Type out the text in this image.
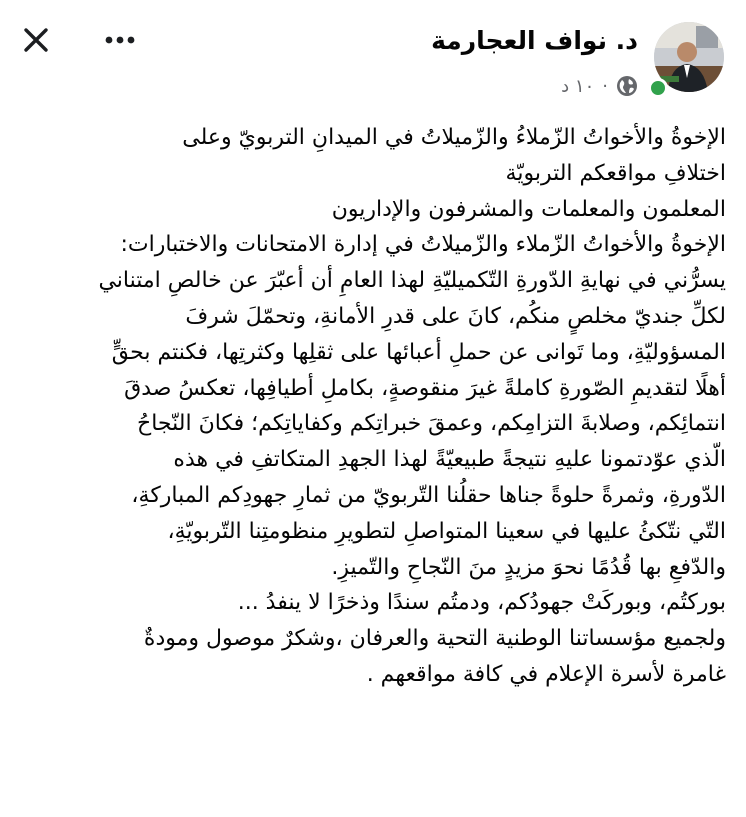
د. نواف العجارمة
١٠ د ·

الإخوةُ والأخواتُ الزّملاءُ والزّميلاتُ في الميدانِ التربويّ وعلى

اختلافِ مواقعكم التربويّة

المعلمون والمعلمات والمشرفون والإداريون

الإخوةُ والأخواتُ الزّملاء والزّميلاتُ في إدارة الامتحانات والاختبارات:

يسرُّني في نهايةِ الدّورةِ التّكميليّةِ لهذا العامِ أن أعبّرَ عن خالصِ امتناني

لكلِّ جنديّ مخلصٍ منكُم، كانَ على قدرِ الأمانةِ، وتحمّلَ شرفَ

المسؤوليّةِ، وما تَوانى عن حملِ أعبائها على ثقلِها وكثرتِها، فكنتم بحقٍّ

أهلًا لتقديمِ الصّورةِ كاملةً غيرَ منقوصةٍ، بكاملِ أطيافِها، تعكسُ صدقَ

انتمائِكم، وصلابةَ التزامِكم، وعمقَ خبراتِكم وكفاياتِكم؛ فكانَ النّجاحُ

الّذي عوّدتمونا عليهِ نتيجةً طبيعيّةً لهذا الجهدِ المتكاتفِ في هذه

الدّورةِ، وثمرةً حلوةً جناها حقلُنا التّربويّ من ثمارِ جهودِكم المباركةِ،

التّي نتّكئُ عليها في سعينا المتواصلِ لتطويرِ منظومتِنا التّربويّةِ،

والدّفعِ بها قُدُمًا نحوَ مزيدٍ منَ النّجاحِ والتّميزِ.

بوركتُم، وبوركَتْ جهودُكم، ودمتُم سندًا وذخرًا لا ينفدُ ...

ولجميع مؤسساتنا الوطنية التحية والعرفان ،وشكرٌ موصول ومودةٌ

غامرة لأسرة الإعلام في كافة مواقعهم .
